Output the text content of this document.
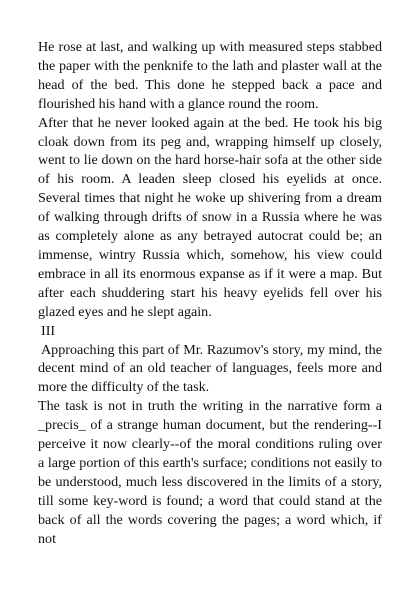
He rose at last, and walking up with measured steps stabbed the paper with the penknife to the lath and plaster wall at the head of the bed. This done he stepped back a pace and flourished his hand with a glance round the room.

After that he never looked again at the bed. He took his big cloak down from its peg and, wrapping himself up closely, went to lie down on the hard horse-hair sofa at the other side of his room. A leaden sleep closed his eyelids at once. Several times that night he woke up shivering from a dream of walking through drifts of snow in a Russia where he was as completely alone as any betrayed autocrat could be; an immense, wintry Russia which, somehow, his view could embrace in all its enormous expanse as if it were a map. But after each shuddering start his heavy eyelids fell over his glazed eyes and he slept again.

III

Approaching this part of Mr. Razumov's story, my mind, the decent mind of an old teacher of languages, feels more and more the difficulty of the task.

The task is not in truth the writing in the narrative form a _precis_ of a strange human document, but the rendering--I perceive it now clearly--of the moral conditions ruling over a large portion of this earth's surface; conditions not easily to be understood, much less discovered in the limits of a story, till some key-word is found; a word that could stand at the back of all the words covering the pages; a word which, if not
